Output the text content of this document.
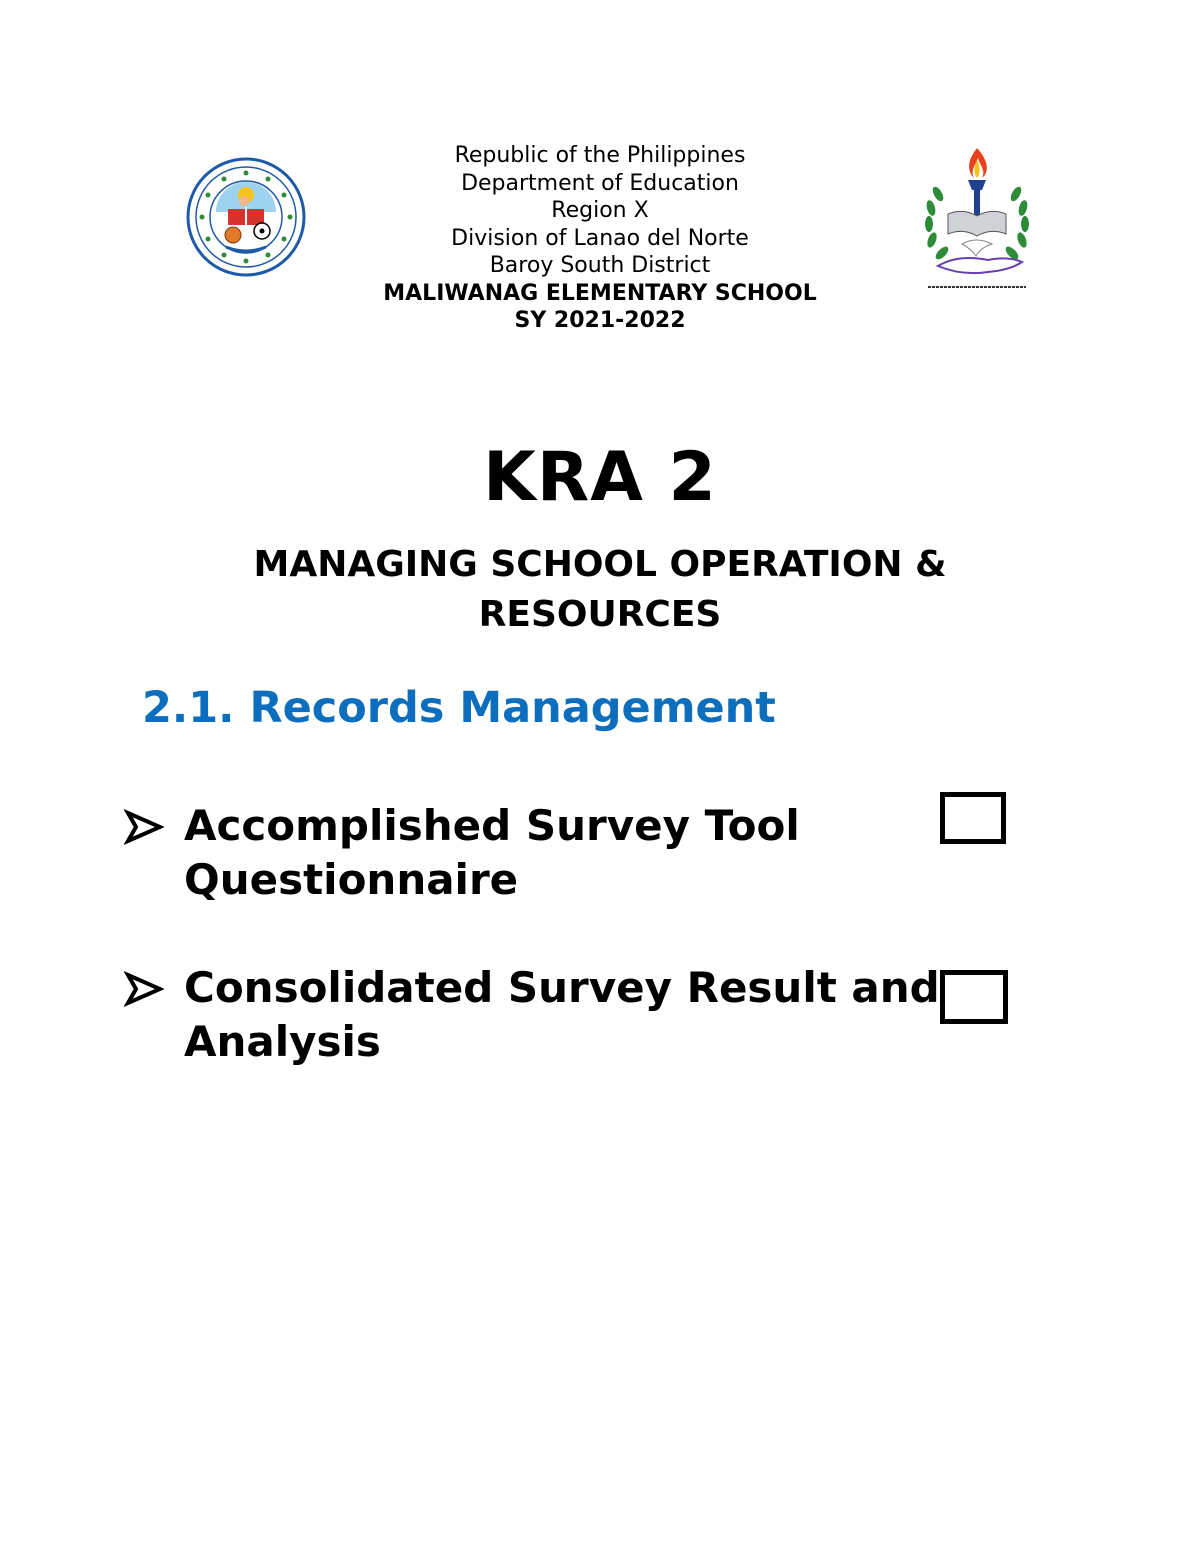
Republic of the Philippines
Department of Education
Region X
Division of Lanao del Norte
Baroy South District
MALIWANAG ELEMENTARY SCHOOL
SY 2021-2022
KRA 2
MANAGING SCHOOL OPERATION &
RESOURCES
2.1. Records Management
Accomplished Survey Tool
Questionnaire
Consolidated Survey Result and
Analysis
